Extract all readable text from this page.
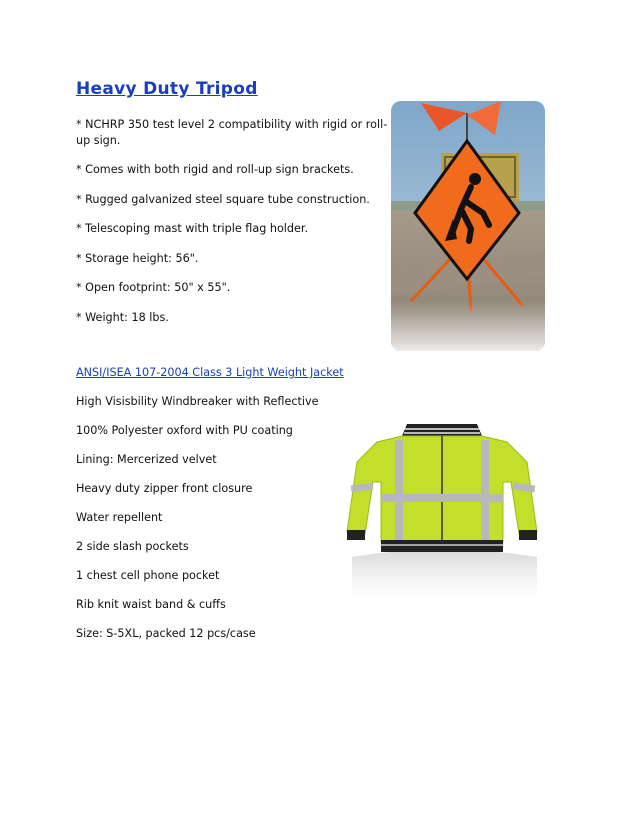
Heavy Duty Tripod
* NCHRP 350 test level 2 compatibility with rigid or roll-up sign.
* Comes with both rigid and roll-up sign brackets.
* Rugged galvanized steel square tube construction.
* Telescoping mast with triple flag holder.
* Storage height: 56".
* Open footprint: 50" x 55".
* Weight: 18 lbs.
ANSI/ISEA 107-2004 Class 3 Light Weight Jacket
High Visisbility Windbreaker with Reflective
100% Polyester oxford with PU coating
Lining: Mercerized velvet
Heavy duty zipper front closure
Water repellent
2 side slash pockets
1 chest cell phone pocket
Rib knit waist band & cuffs
Size: S-5XL, packed 12 pcs/case
